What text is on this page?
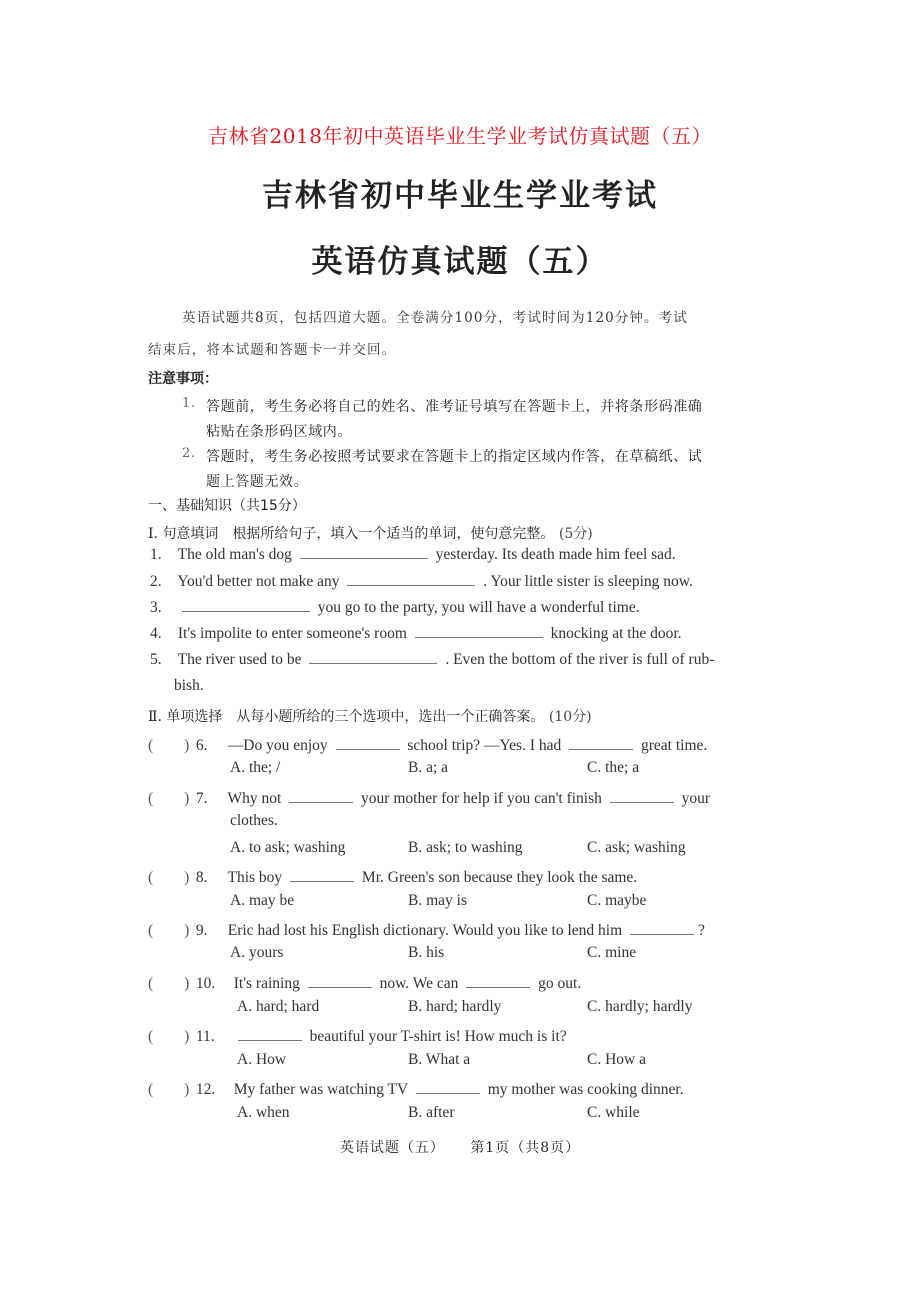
吉林省2018年初中英语毕业生学业考试仿真试题（五）
吉林省初中毕业生学业考试
英语仿真试题（五）
英语试题共8页，包括四道大题。全卷满分100分，考试时间为120分钟。考试
结束后，将本试题和答题卡一并交回。
注意事项：
1. 答题前，考生务必将自己的姓名、准考证号填写在答题卡上，并将条形码准确
粘贴在条形码区域内。
2. 答题时，考生务必按照考试要求在答题卡上的指定区域内作答，在草稿纸、试
题上答题无效。
一、基础知识（共15分）
Ⅰ. 句意填词　根据所给句子，填入一个适当的单词，使句意完整。 (5分)
1. The old man's dog	yesterday. Its death made him feel sad.
2. You'd better not make any	. Your little sister is sleeping now.
3.	you go to the party, you will have a wonderful time.
4. It's impolite to enter someone's room	knocking at the door.
5. The river used to be	. Even the bottom of the river is full of rub-
bish.
Ⅱ. 单项选择　从每小题所给的三个选项中，选出一个正确答案。 (10分)
(　　) 6. —Do you enjoy	school trip? —Yes. I had	great time.
A. the; /	B. a; a	C. the; a
(　　) 7. Why not	your mother for help if you can't finish	your
clothes.
A. to ask; washing	B. ask; to washing	C. ask; washing
(　　) 8. This boy	Mr. Green's son because they look the same.
A. may be	B. may is	C. maybe
(　　) 9. Eric had lost his English dictionary. Would you like to lend him	?
A. yours	B. his	C. mine
(　　) 10. It's raining	now. We can	go out.
A. hard; hard	B. hard; hardly	C. hardly; hardly
(　　) 11.	beautiful your T-shirt is! How much is it?
A. How	B. What a	C. How a
(　　) 12. My father was watching TV	my mother was cooking dinner.
A. when	B. after	C. while
英语试题（五） 第1页（共8页）
